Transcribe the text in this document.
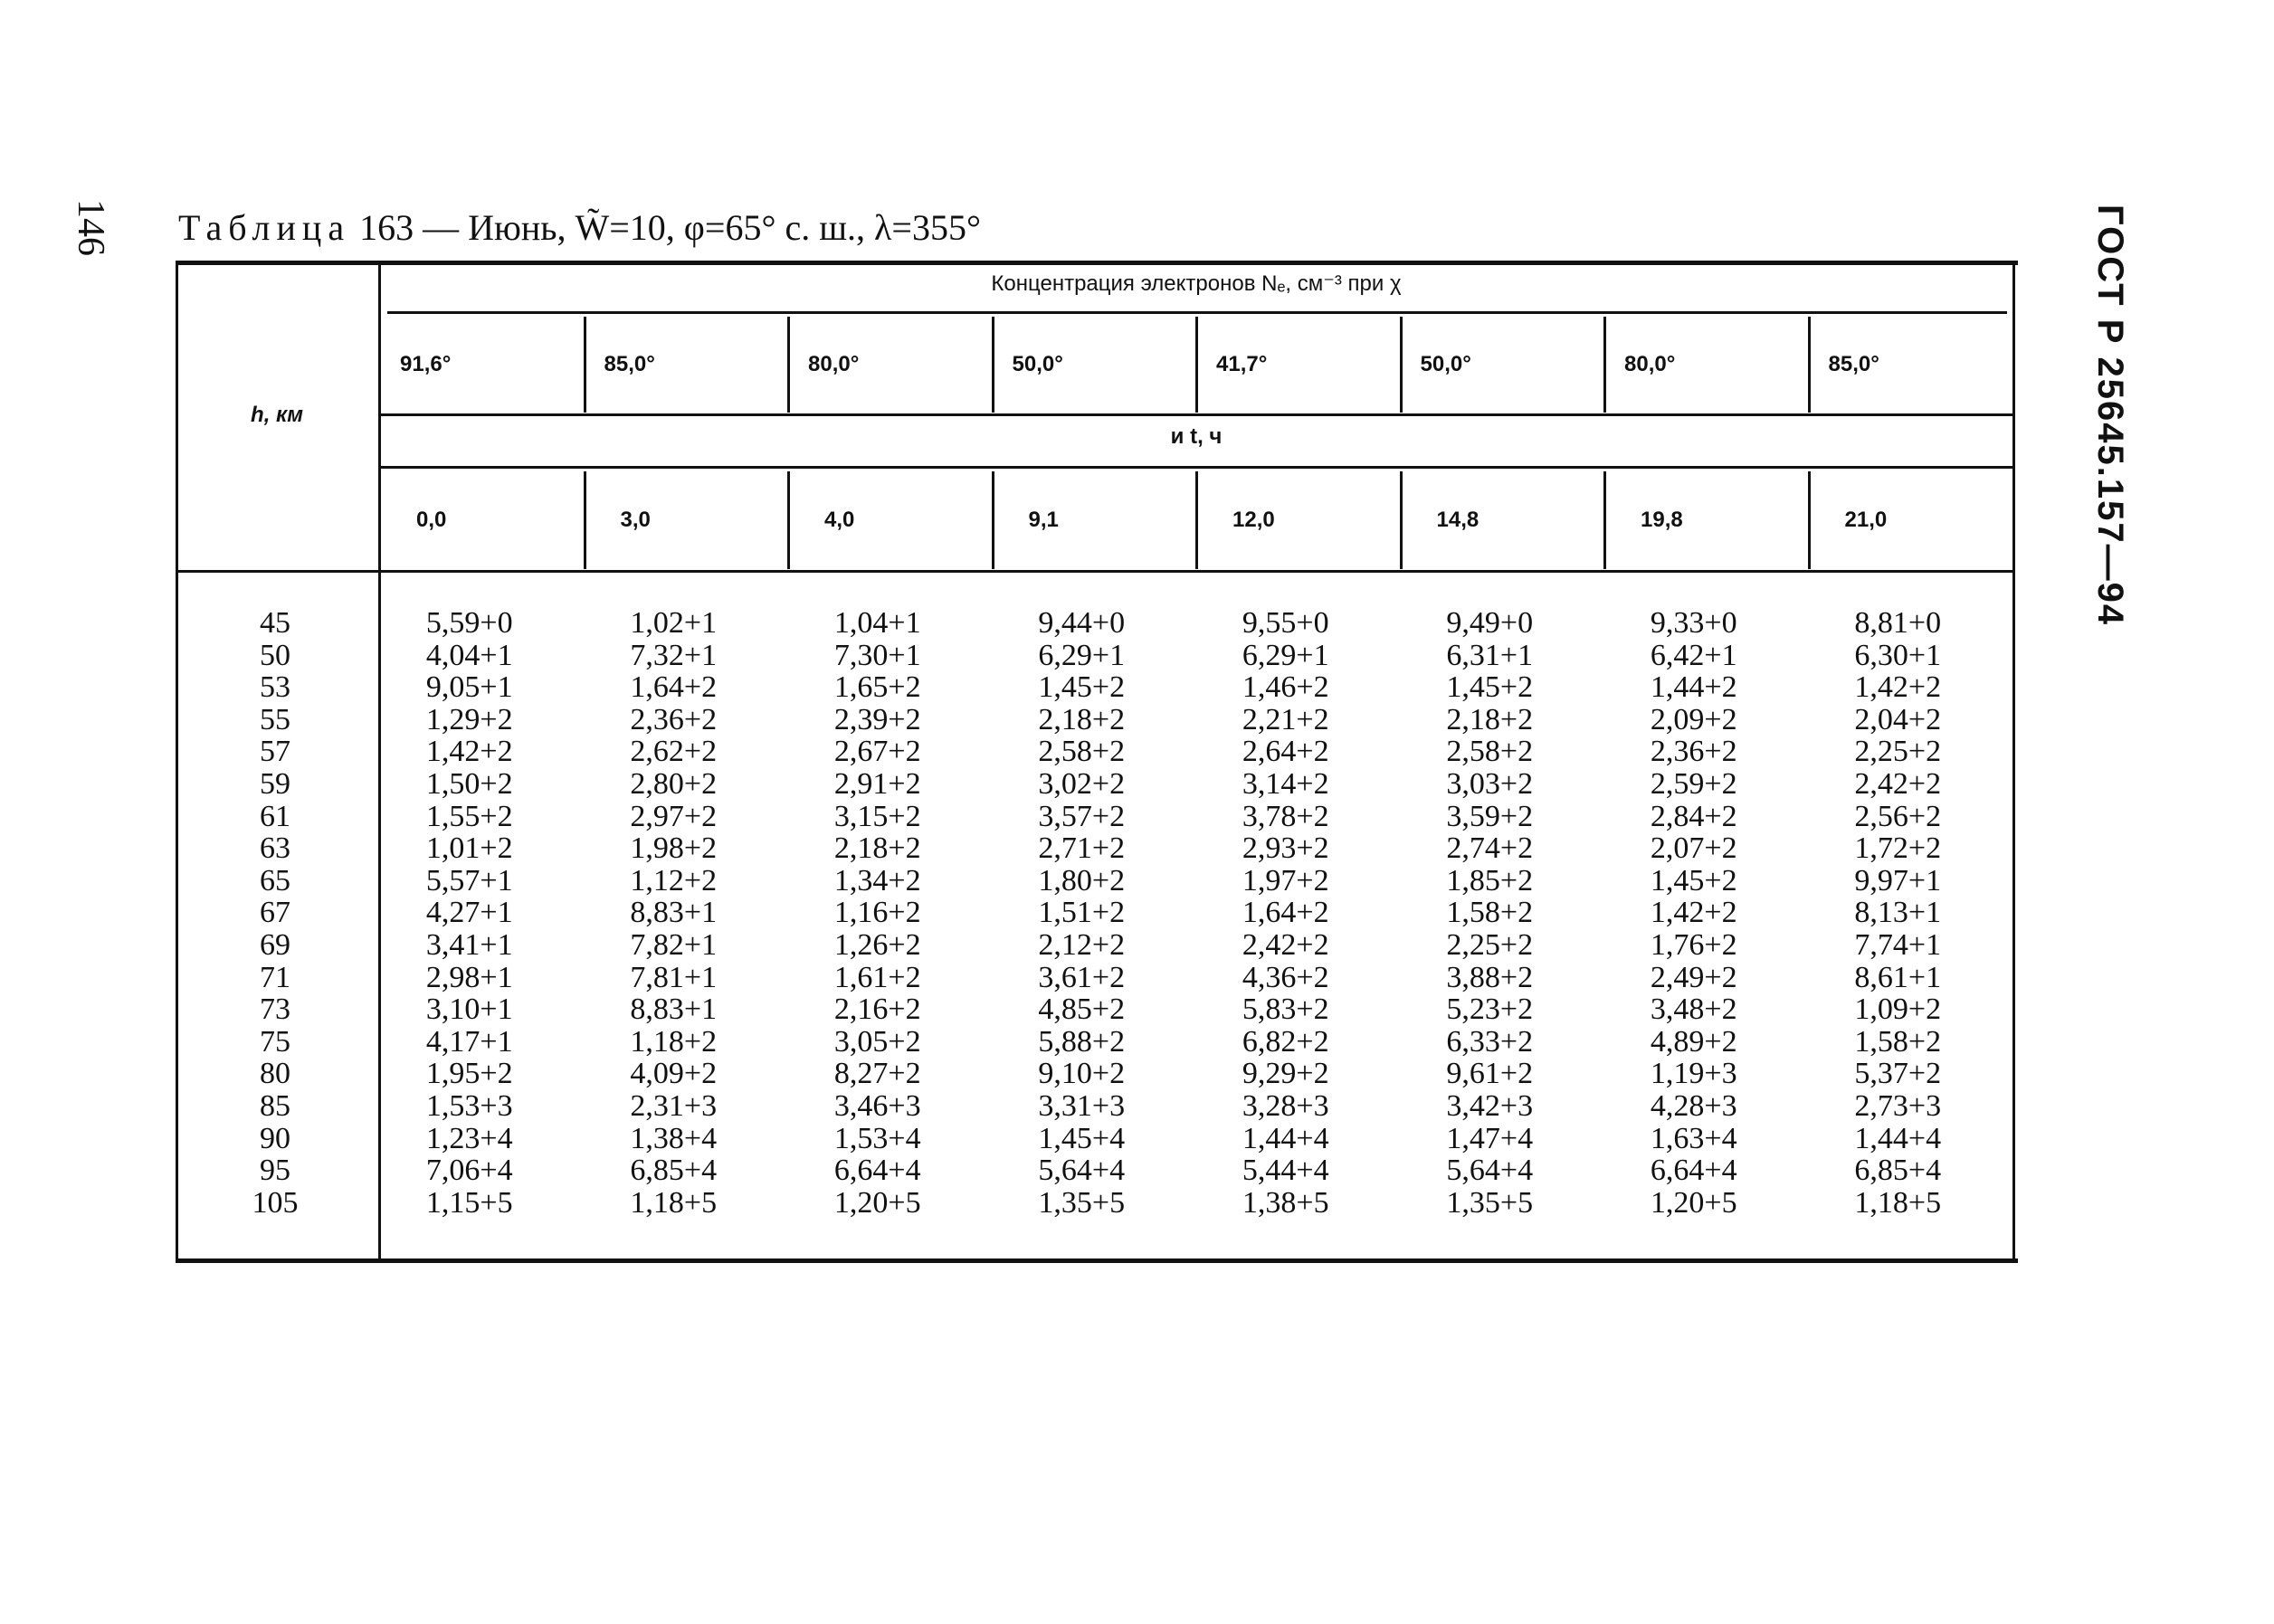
146	ГОСТ Р 25645.157—94
Таблица 163 — Июнь, W̃=10, φ=65° с. ш., λ=355°
h, км
Концентрация электронов Nₑ, см⁻³ при χ
и t, ч
91,6°
0,0
85,0°
3,0
80,0°
4,0
50,0°
9,1
41,7°
12,0
50,0°
14,8
80,0°
19,8
85,0°
21,0
45
50
53
55
57
59
61
63
65
67
69
71
73
75
80
85
90
95
105
5,59+0
4,04+1
9,05+1
1,29+2
1,42+2
1,50+2
1,55+2
1,01+2
5,57+1
4,27+1
3,41+1
2,98+1
3,10+1
4,17+1
1,95+2
1,53+3
1,23+4
7,06+4
1,15+5
1,02+1
7,32+1
1,64+2
2,36+2
2,62+2
2,80+2
2,97+2
1,98+2
1,12+2
8,83+1
7,82+1
7,81+1
8,83+1
1,18+2
4,09+2
2,31+3
1,38+4
6,85+4
1,18+5
1,04+1
7,30+1
1,65+2
2,39+2
2,67+2
2,91+2
3,15+2
2,18+2
1,34+2
1,16+2
1,26+2
1,61+2
2,16+2
3,05+2
8,27+2
3,46+3
1,53+4
6,64+4
1,20+5
9,44+0
6,29+1
1,45+2
2,18+2
2,58+2
3,02+2
3,57+2
2,71+2
1,80+2
1,51+2
2,12+2
3,61+2
4,85+2
5,88+2
9,10+2
3,31+3
1,45+4
5,64+4
1,35+5
9,55+0
6,29+1
1,46+2
2,21+2
2,64+2
3,14+2
3,78+2
2,93+2
1,97+2
1,64+2
2,42+2
4,36+2
5,83+2
6,82+2
9,29+2
3,28+3
1,44+4
5,44+4
1,38+5
9,49+0
6,31+1
1,45+2
2,18+2
2,58+2
3,03+2
3,59+2
2,74+2
1,85+2
1,58+2
2,25+2
3,88+2
5,23+2
6,33+2
9,61+2
3,42+3
1,47+4
5,64+4
1,35+5
9,33+0
6,42+1
1,44+2
2,09+2
2,36+2
2,59+2
2,84+2
2,07+2
1,45+2
1,42+2
1,76+2
2,49+2
3,48+2
4,89+2
1,19+3
4,28+3
1,63+4
6,64+4
1,20+5
8,81+0
6,30+1
1,42+2
2,04+2
2,25+2
2,42+2
2,56+2
1,72+2
9,97+1
8,13+1
7,74+1
8,61+1
1,09+2
1,58+2
5,37+2
2,73+3
1,44+4
6,85+4
1,18+5
